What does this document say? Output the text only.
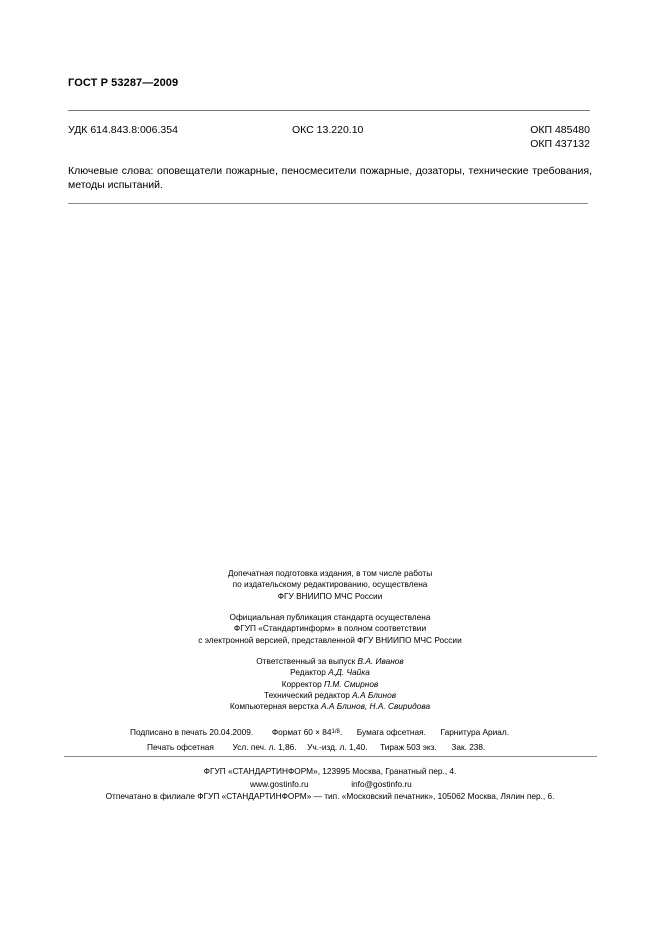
ГОСТ Р 53287—2009
УДК 614.843.8:006.354	ОКС 13.220.10	ОКП 485480
ОКП 437132
Ключевые слова: оповещатели пожарные, пеносмесители пожарные, дозаторы, технические требования, методы испытаний.

Допечатная подготовка издания, в том числе работы

по издательскому редактированию, осуществлена

ФГУ ВНИИПО МЧС России

Официальная публикация стандарта осуществлена

ФГУП «Стандартинформ» в полном соответствии

с электронной версией, представленной ФГУ ВНИИПО МЧС России

Ответственный за выпуск В.А. Иванов

Редактор А.Д. Чайка

Корректор П.М. Смирнов

Технический редактор А.А Блинов

Компьютерная верстка А.А Блинов, Н.А. Свиридова

Подписано в печать 20.04.2009. Формат 60 × 841/8.  Бумага офсетная. Гарнитура Ариал.
Печать офсетная Усл. печ. л. 1,86. Уч.-изд. л. 1,40. Тираж 503 экз. Зак. 238.
ФГУП «СТАНДАРТИНФОРМ», 123995 Москва, Гранатный пер., 4.
www.gostinfo.ru	info@gostinfo.ru
Отпечатано в филиале ФГУП «СТАНДАРТИНФОРМ» — тип. «Московский печатник», 105062 Москва, Лялин пер., 6.
